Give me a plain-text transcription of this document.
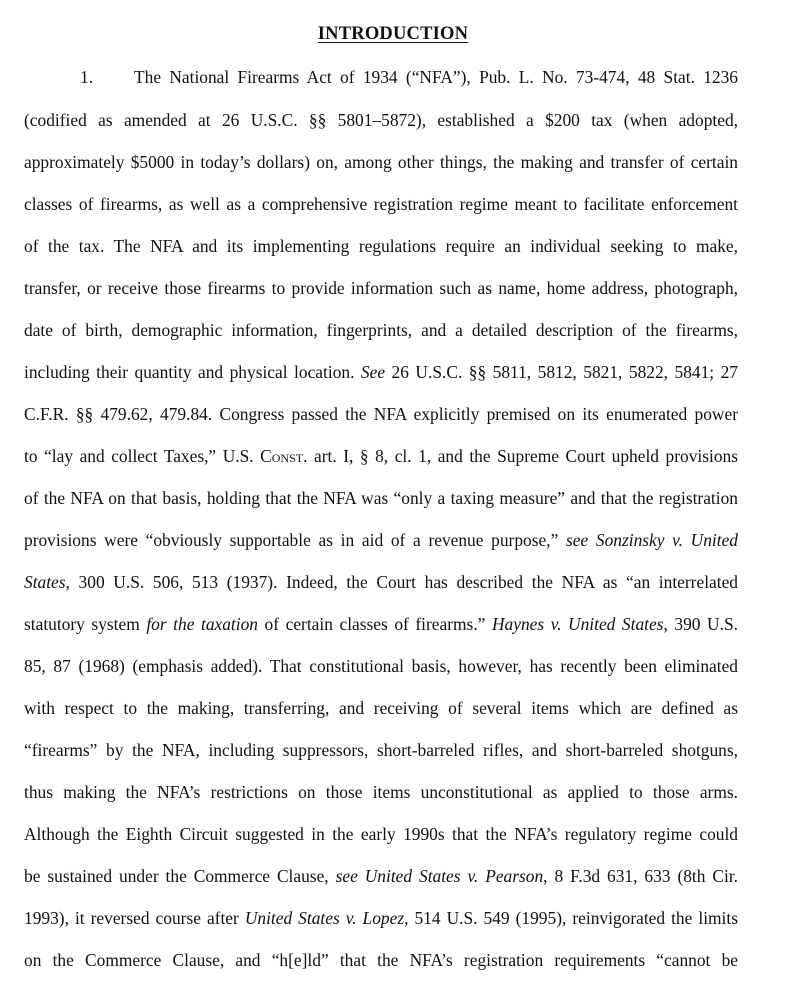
INTRODUCTION
1.	The National Firearms Act of 1934 (“NFA”), Pub. L. No. 73-474, 48 Stat. 1236
(codified as amended at 26 U.S.C. §§ 5801–5872), established a $200 tax (when adopted,
approximately $5000 in today’s dollars) on, among other things, the making and transfer of certain
classes of firearms, as well as a comprehensive registration regime meant to facilitate enforcement
of the tax. The NFA and its implementing regulations require an individual seeking to make,
transfer, or receive those firearms to provide information such as name, home address, photograph,
date of birth, demographic information, fingerprints, and a detailed description of the firearms,
including their quantity and physical location. See 26 U.S.C. §§ 5811, 5812, 5821, 5822, 5841; 27
C.F.R. §§ 479.62, 479.84. Congress passed the NFA explicitly premised on its enumerated power
to “lay and collect Taxes,” U.S. Const. art. I, § 8, cl. 1, and the Supreme Court upheld provisions
of the NFA on that basis, holding that the NFA was “only a taxing measure” and that the registration
provisions were “obviously supportable as in aid of a revenue purpose,” see Sonzinsky v. United
States, 300 U.S. 506, 513 (1937). Indeed, the Court has described the NFA as “an interrelated
statutory system for the taxation of certain classes of firearms.” Haynes v. United States, 390 U.S.
85, 87 (1968) (emphasis added). That constitutional basis, however, has recently been eliminated
with respect to the making, transferring, and receiving of several items which are defined as
“firearms” by the NFA, including suppressors, short-barreled rifles, and short-barreled shotguns,
thus making the NFA’s restrictions on those items unconstitutional as applied to those arms.
Although the Eighth Circuit suggested in the early 1990s that the NFA’s regulatory regime could
be sustained under the Commerce Clause, see United States v. Pearson, 8 F.3d 631, 633 (8th Cir.
1993), it reversed course after United States v. Lopez, 514 U.S. 549 (1995), reinvigorated the limits
on the Commerce Clause, and “h[e]ld” that the NFA’s registration requirements “cannot be
